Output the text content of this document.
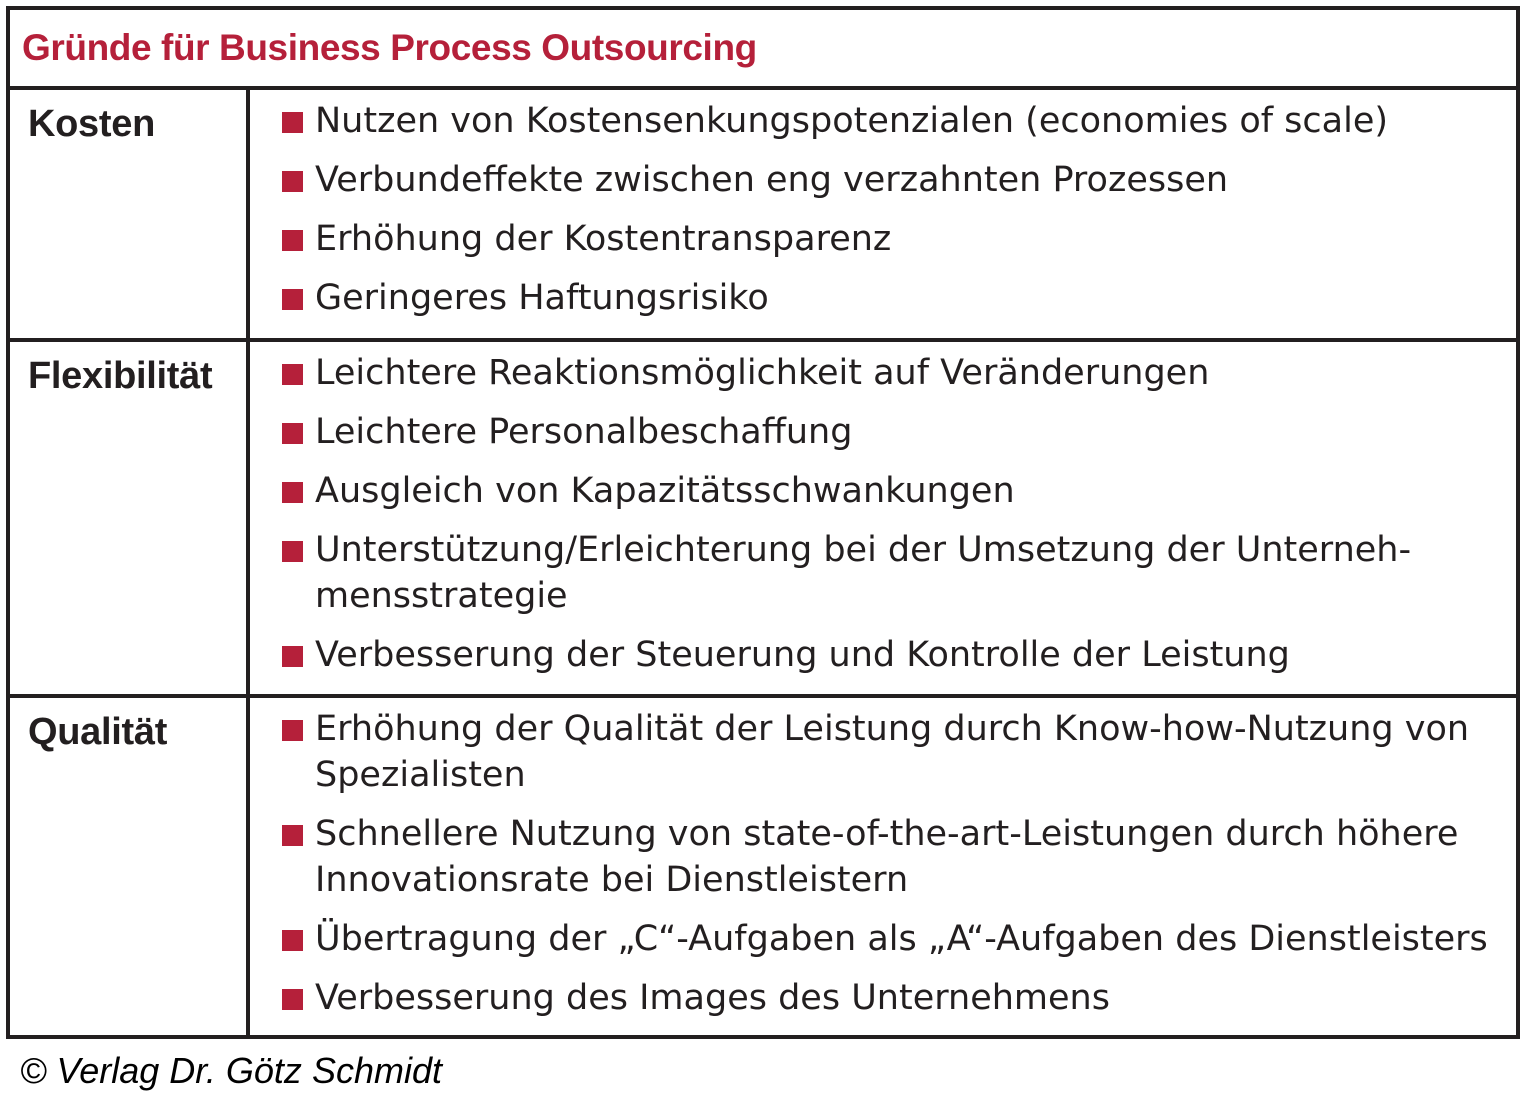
Gründe für Business Process Outsourcing
Kosten	Nutzen von Kostensenkungspotenzialen (economies of scale)
Verbundeffekte zwischen eng verzahnten Prozessen
Erhöhung der Kostentransparenz
Geringeres Haftungsrisiko
Flexibilität	Leichtere Reaktionsmöglichkeit auf Veränderungen
Leichtere Personalbeschaffung
Ausgleich von Kapazitätsschwankungen
Unterstützung/Erleichterung bei der Umsetzung der Unterneh-
mensstrategie
Verbesserung der Steuerung und Kontrolle der Leistung
Qualität	Erhöhung der Qualität der Leistung durch Know-how-Nutzung von
Spezialisten
Schnellere Nutzung von state-of-the-art-Leistungen durch höhere
Innovationsrate bei Dienstleistern
Übertragung der „C“-Aufgaben als „A“-Aufgaben des Dienstleisters
Verbesserung des Images des Unternehmens
© Verlag Dr. Götz Schmidt
